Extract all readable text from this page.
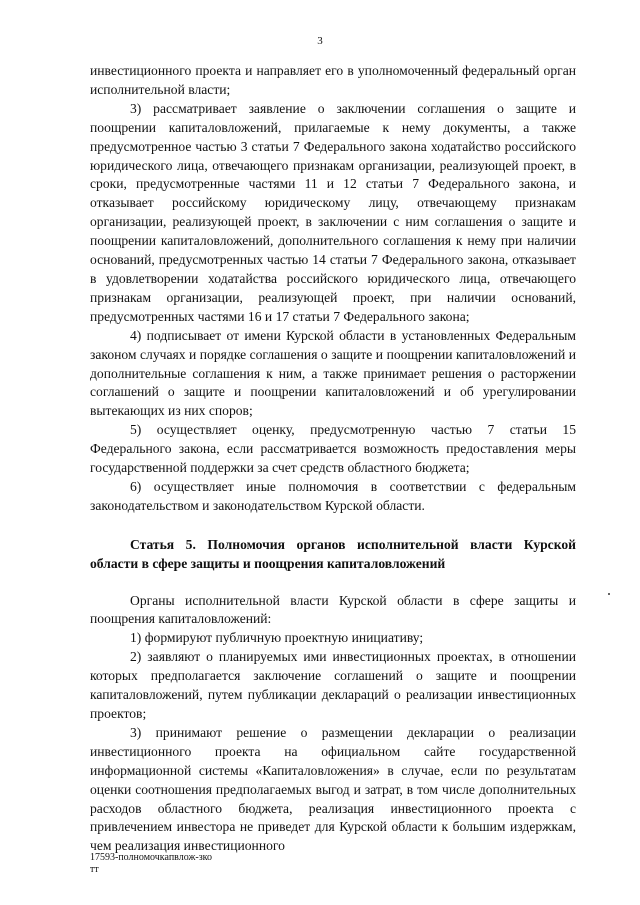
3

инвестиционного проекта и направляет его в уполномоченный федеральный орган исполнительной власти;

3) рассматривает заявление о заключении соглашения о защите и поощрении капиталовложений, прилагаемые к нему документы, а также предусмотренное частью 3 статьи 7 Федерального закона ходатайство российского юридического лица, отвечающего признакам организации, реализующей проект, в сроки, предусмотренные частями 11 и 12 статьи 7 Федерального закона, и отказывает российскому юридическому лицу, отвечающему признакам организации, реализующей проект, в заключении с ним соглашения о защите и поощрении капиталовложений, дополнительного соглашения к нему при наличии оснований, предусмотренных частью 14 статьи 7 Федерального закона, отказывает в удовлетворении ходатайства российского юридического лица, отвечающего признакам организации, реализующей проект, при наличии оснований, предусмотренных частями 16 и 17 статьи 7 Федерального закона;

4) подписывает от имени Курской области в установленных Федеральным законом случаях и порядке соглашения о защите и поощрении капиталовложений и дополнительные соглашения к ним, а также принимает решения о расторжении соглашений о защите и поощрении капиталовложений и об урегулировании вытекающих из них споров;

5) осуществляет оценку, предусмотренную частью 7 статьи 15 Федерального закона, если рассматривается возможность предоставления меры государственной поддержки за счет средств областного бюджета;

6) осуществляет иные полномочия в соответствии с федеральным законодательством и законодательством Курской области.

Статья 5. Полномочия органов исполнительной власти Курской области в сфере защиты и поощрения капиталовложений

Органы исполнительной власти Курской области в сфере защиты и поощрения капиталовложений:

1) формируют публичную проектную инициативу;

2) заявляют о планируемых ими инвестиционных проектах, в отношении которых предполагается заключение соглашений о защите и поощрении капиталовложений, путем публикации деклараций о реализации инвестиционных проектов;

3) принимают решение о размещении декларации о реализации инвестиционного проекта на официальном сайте государственной информационной системы «Капиталовложения» в случае, если по результатам оценки соотношения предполагаемых выгод и затрат, в том числе дополнительных расходов областного бюджета, реализация инвестиционного проекта с привлечением инвестора не приведет для Курской области к большим издержкам, чем реализация инвестиционного

17593-полномочкапвлож-зко
тт
